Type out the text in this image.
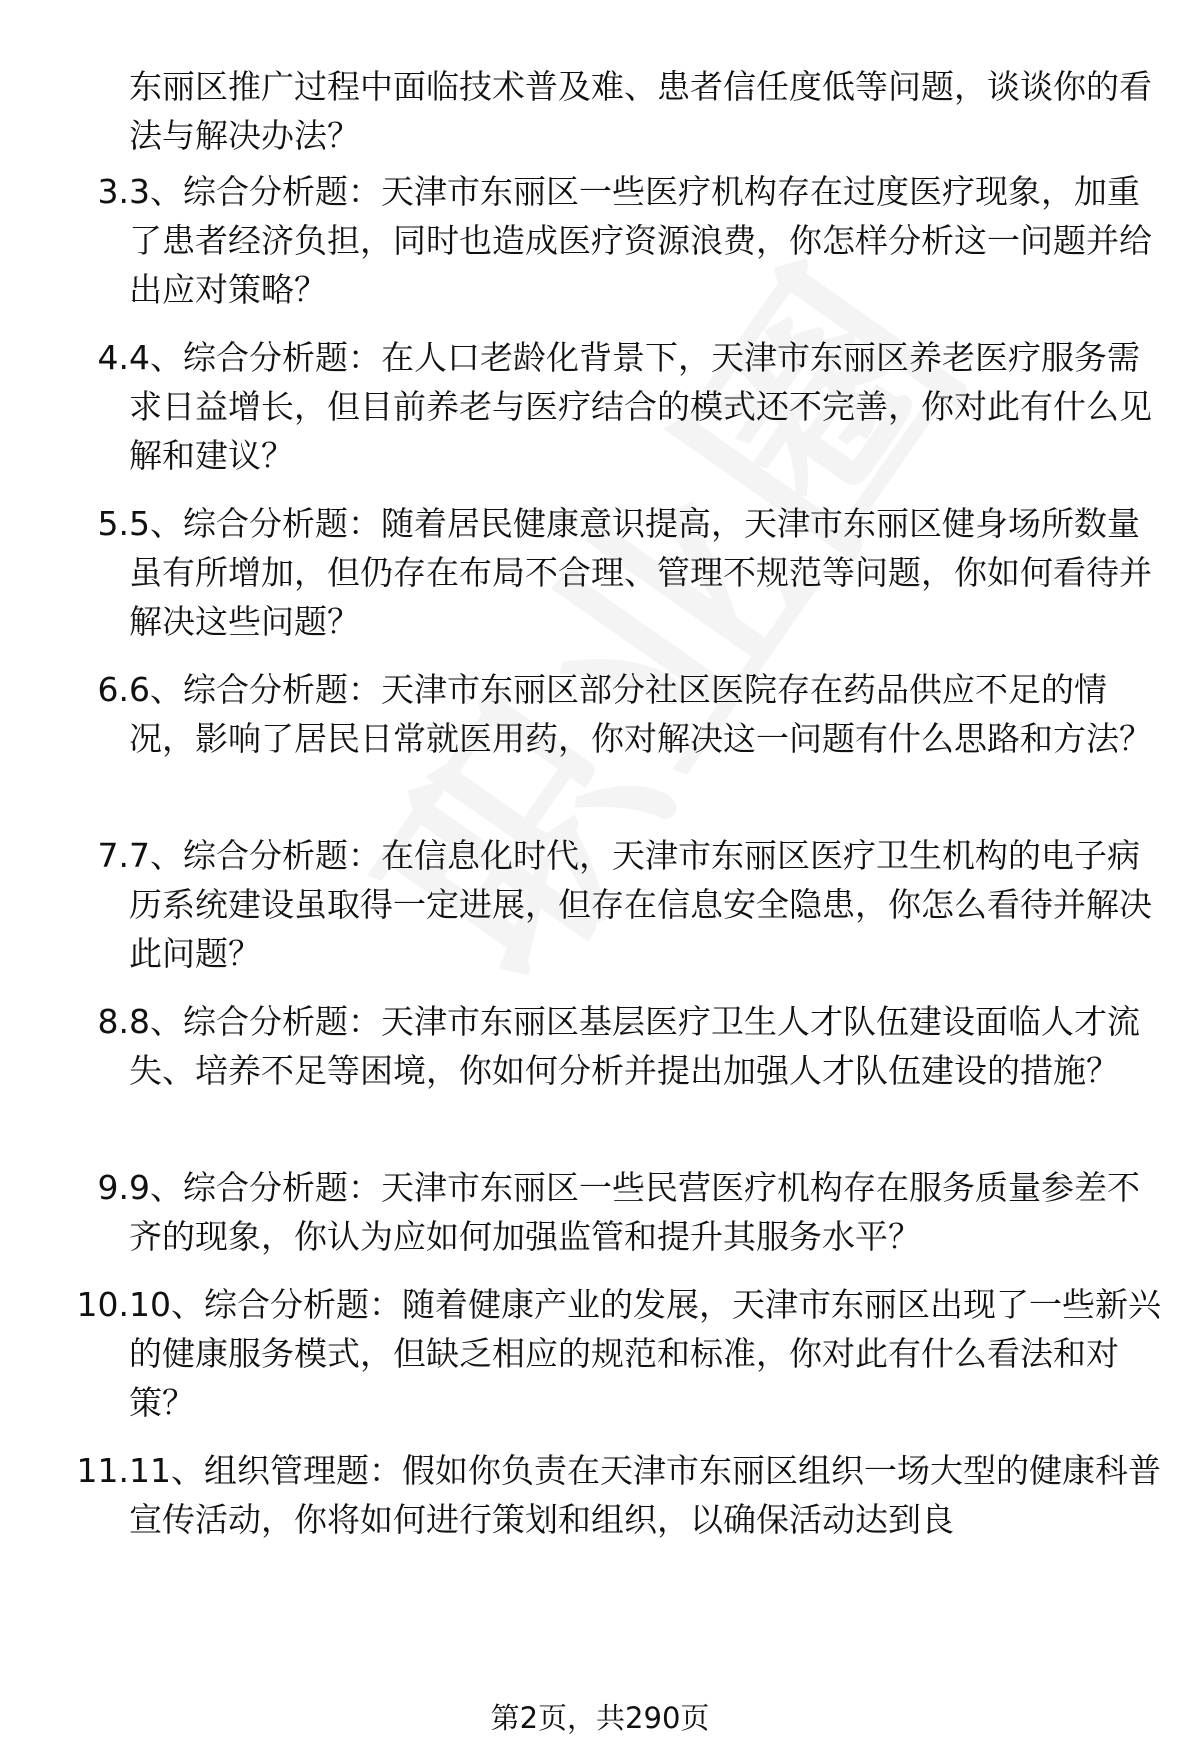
东丽区推广过程中面临技术普及难、患者信任度低等问题，谈谈你的看法与解决办法？
3. 3、综合分析题：天津市东丽区一些医疗机构存在过度医疗现象，加重了患者经济负担，同时也造成医疗资源浪费，你怎样分析这一问题并给出应对策略？
4. 4、综合分析题：在人口老龄化背景下，天津市东丽区养老医疗服务需求日益增长，但目前养老与医疗结合的模式还不完善，你对此有什么见解和建议？
5. 5、综合分析题：随着居民健康意识提高，天津市东丽区健身场所数量虽有所增加，但仍存在布局不合理、管理不规范等问题，你如何看待并解决这些问题？
6. 6、综合分析题：天津市东丽区部分社区医院存在药品供应不足的情况，影响了居民日常就医用药，你对解决这一问题有什么思路和方法？
7. 7、综合分析题：在信息化时代，天津市东丽区医疗卫生机构的电子病历系统建设虽取得一定进展，但存在信息安全隐患，你怎么看待并解决此问题？
8. 8、综合分析题：天津市东丽区基层医疗卫生人才队伍建设面临人才流失、培养不足等困境，你如何分析并提出加强人才队伍建设的措施？
9. 9、综合分析题：天津市东丽区一些民营医疗机构存在服务质量参差不齐的现象，你认为应如何加强监管和提升其服务水平？
10. 10、综合分析题：随着健康产业的发展，天津市东丽区出现了一些新兴的健康服务模式，但缺乏相应的规范和标准，你对此有什么看法和对策？
11. 11、组织管理题：假如你负责在天津市东丽区组织一场大型的健康科普宣传活动，你将如何进行策划和组织，以确保活动达到良
第2页，共290页
